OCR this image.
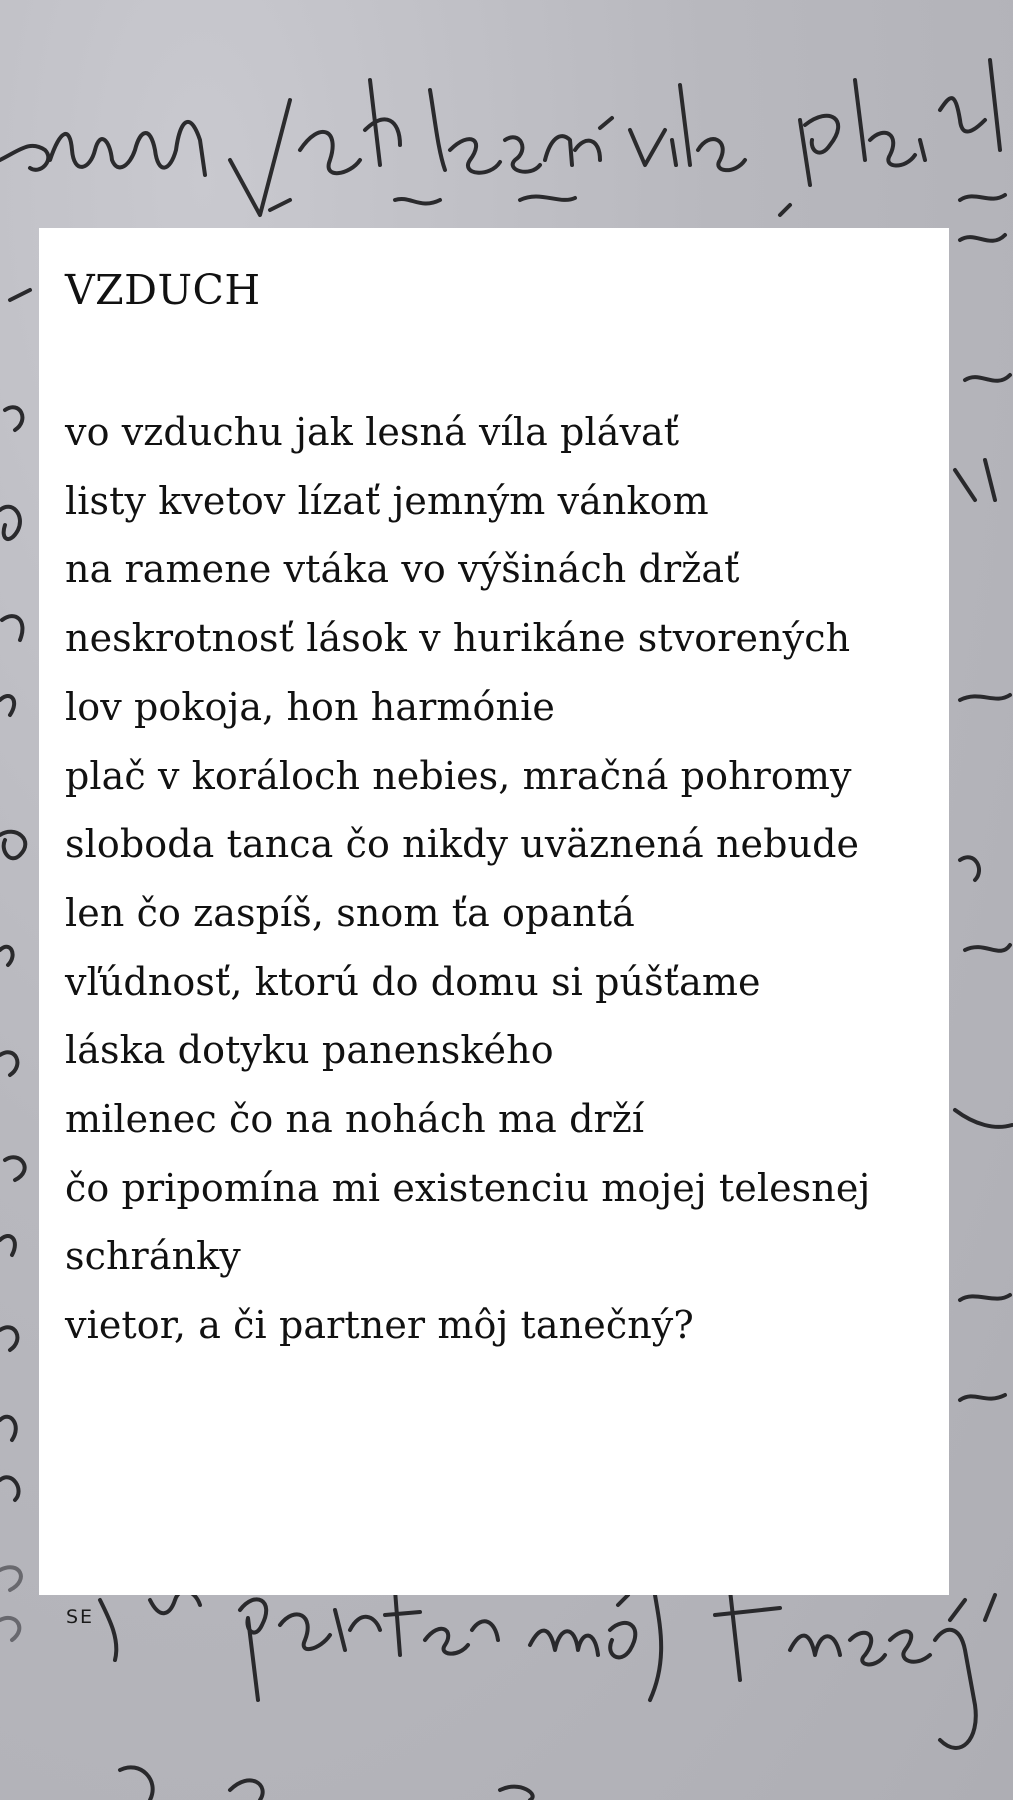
VZDUCH
vo vzduchu jak lesná víla plávať
listy kvetov lízať jemným vánkom
na ramene vtáka vo výšinách držať
neskrotnosť lások v hurikáne stvorených
lov pokoja, hon harmónie
plač v koráloch nebies, mračná pohromy
sloboda tanca čo nikdy uväznená nebude
len čo zaspíš, snom ťa opantá
vľúdnosť, ktorú do domu si púšťame
láska dotyku panenského
milenec čo na nohách ma drží
čo pripomína mi existenciu mojej telesnej
schránky
vietor, a či partner môj tanečný?
SE
